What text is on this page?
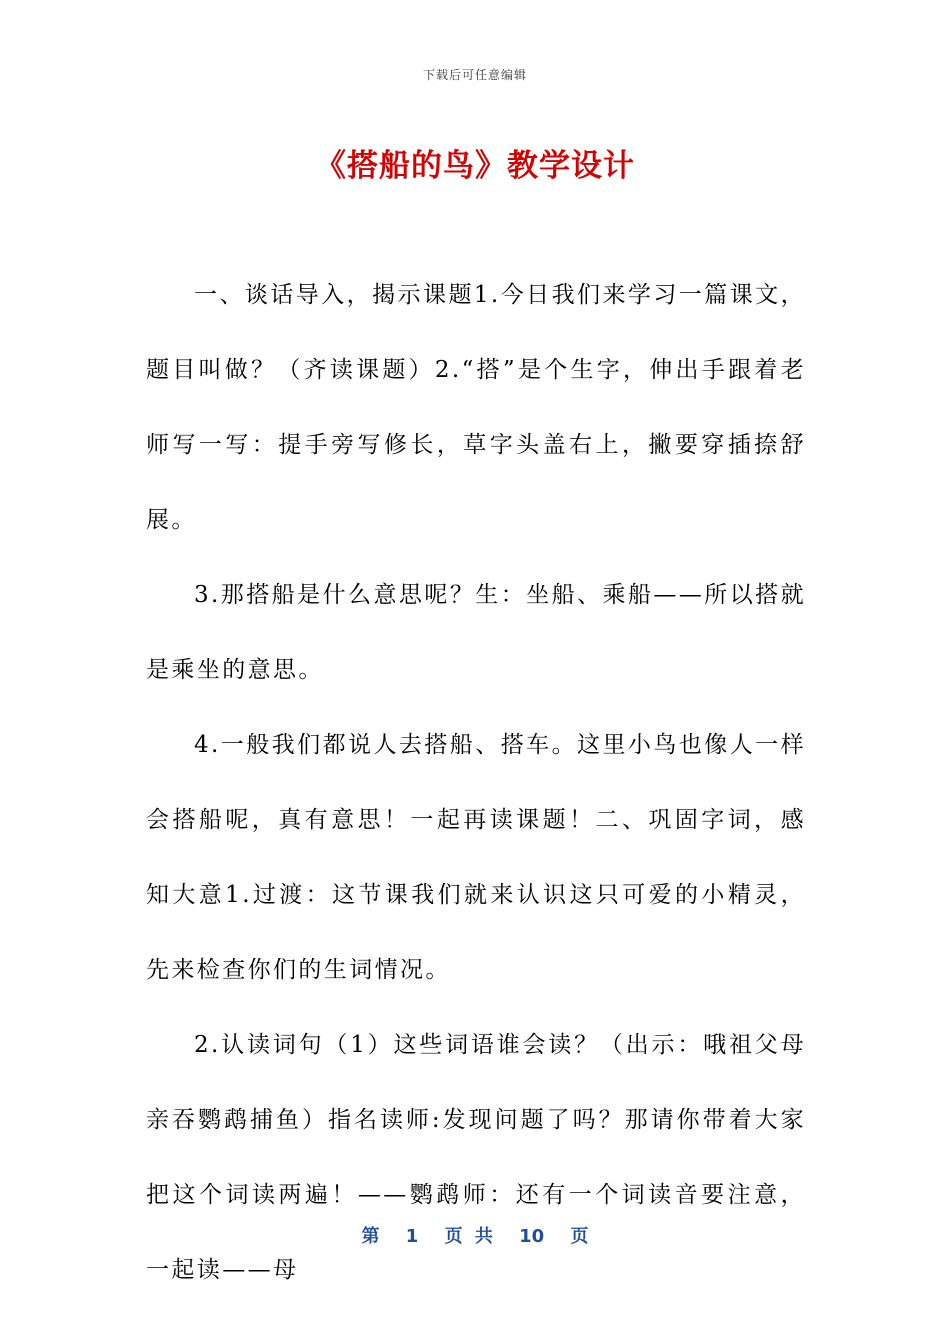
下载后可任意编辑
《搭船的鸟》教学设计

一、谈话导入，揭示课题1.今日我们来学习一篇课文，题目叫做？（齐读课题）2.“搭”是个生字，伸出手跟着老师写一写：提手旁写修长，草字头盖右上，撇要穿插捺舒展。

3.那搭船是什么意思呢？生：坐船、乘船——所以搭就是乘坐的意思。

4.一般我们都说人去搭船、搭车。这里小鸟也像人一样会搭船呢，真有意思！一起再读课题！二、巩固字词，感知大意1.过渡：这节课我们就来认识这只可爱的小精灵，先来检查你们的生词情况。

2.认读词句（1）这些词语谁会读？（出示：哦祖父母亲吞鹦鹉捕鱼）指名读师:发现问题了吗？那请你带着大家把这个词读两遍！——鹦鹉师：还有一个词读音要注意，一起读——母

第 1 页 共 10 页
